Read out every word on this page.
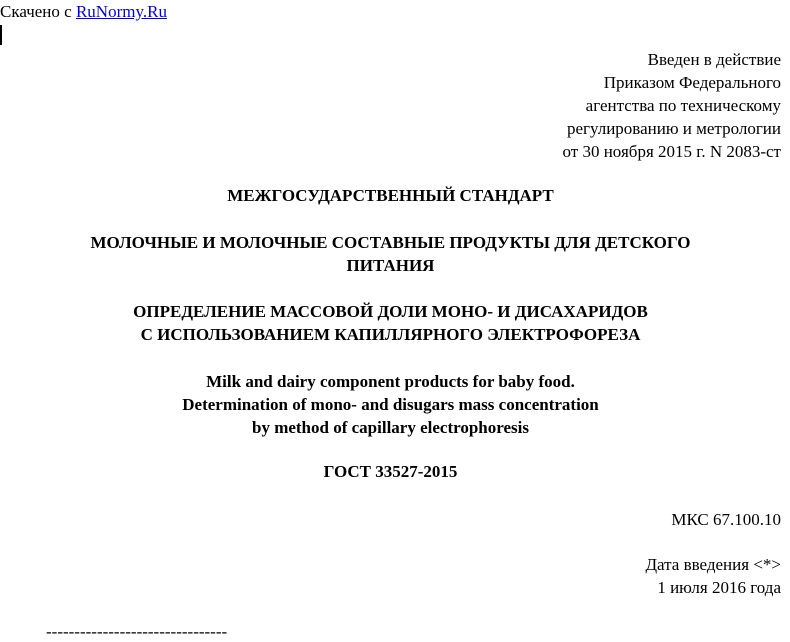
Скачено с RuNormy.Ru
Введен в действие
Приказом Федерального
агентства по техническому
регулированию и метрологии
от 30 ноября 2015 г. N 2083-ст
МЕЖГОСУДАРСТВЕННЫЙ СТАНДАРТ
МОЛОЧНЫЕ И МОЛОЧНЫЕ СОСТАВНЫЕ ПРОДУКТЫ ДЛЯ ДЕТСКОГО
ПИТАНИЯ
ОПРЕДЕЛЕНИЕ МАССОВОЙ ДОЛИ МОНО- И ДИСАХАРИДОВ
С ИСПОЛЬЗОВАНИЕМ КАПИЛЛЯРНОГО ЭЛЕКТРОФОРЕЗА
Milk and dairy component products for baby food.
Determination of mono- and disugars mass concentration
by method of capillary electrophoresis
ГОСТ 33527-2015
МКС 67.100.10
Дата введения <*>
1 июля 2016 года
--------------------------------
